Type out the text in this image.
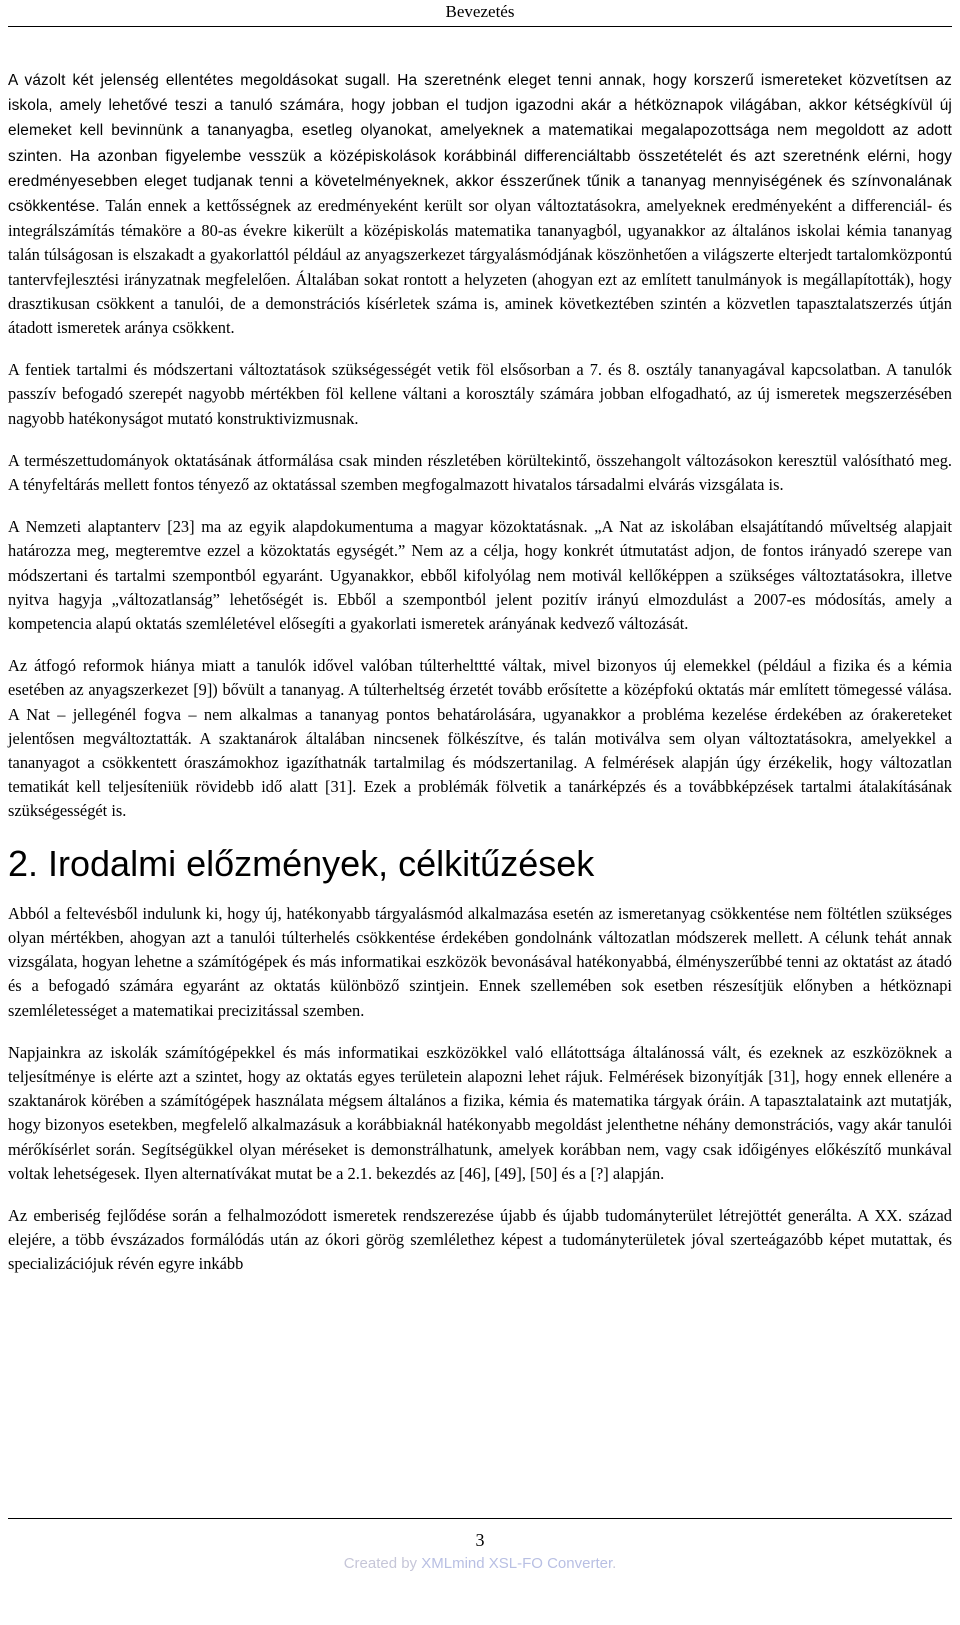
Bevezetés

A vázolt két jelenség ellentétes megoldásokat sugall. Ha szeretnénk eleget tenni annak, hogy korszerű ismereteket közvetítsen az iskola, amely lehetővé teszi a tanuló számára, hogy jobban el tudjon igazodni akár a hétköznapok világában, akkor kétségkívül új elemeket kell bevinnünk a tananyagba, esetleg olyanokat, amelyeknek a matematikai megalapozottsága nem megoldott az adott szinten. Ha azonban figyelembe vesszük a középiskolások korábbinál differenciáltabb összetételét és azt szeretnénk elérni, hogy eredményesebben eleget tudjanak tenni a követelményeknek, akkor ésszerűnek tűnik a tananyag mennyiségének és színvonalának csökkentése. Talán ennek a kettősségnek az eredményeként került sor olyan változtatásokra, amelyeknek eredményeként a differenciál- és integrálszámítás témaköre a 80-as évekre kikerült a középiskolás matematika tananyagból, ugyanakkor az általános iskolai kémia tananyag talán túlságosan is elszakadt a gyakorlattól például az anyagszerkezet tárgyalásmódjának köszönhetően a világszerte elterjedt tartalomközpontú tantervfejlesztési irányzatnak megfelelően. Általában sokat rontott a helyzeten (ahogyan ezt az említett tanulmányok is megállapították), hogy drasztikusan csökkent a tanulói, de a demonstrációs kísérletek száma is, aminek következtében szintén a közvetlen tapasztalatszerzés útján átadott ismeretek aránya csökkent.

A fentiek tartalmi és módszertani változtatások szükségességét vetik föl elsősorban a 7. és 8. osztály tananyagával kapcsolatban. A tanulók passzív befogadó szerepét nagyobb mértékben föl kellene váltani a korosztály számára jobban elfogadható, az új ismeretek megszerzésében nagyobb hatékonyságot mutató konstruktivizmusnak.

A természettudományok oktatásának átformálása csak minden részletében körültekintő, összehangolt változásokon keresztül valósítható meg. A tényfeltárás mellett fontos tényező az oktatással szemben megfogalmazott hivatalos társadalmi elvárás vizsgálata is.

A Nemzeti alaptanterv [23] ma az egyik alapdokumentuma a magyar közoktatásnak. „A Nat az iskolában elsajátítandó műveltség alapjait határozza meg, megteremtve ezzel a közoktatás egységét.” Nem az a célja, hogy konkrét útmutatást adjon, de fontos irányadó szerepe van módszertani és tartalmi szempontból egyaránt. Ugyanakkor, ebből kifolyólag nem motivál kellőképpen a szükséges változtatásokra, illetve nyitva hagyja „változatlanság” lehetőségét is. Ebből a szempontból jelent pozitív irányú elmozdulást a 2007-es módosítás, amely a kompetencia alapú oktatás szemléletével elősegíti a gyakorlati ismeretek arányának kedvező változását.

Az átfogó reformok hiánya miatt a tanulók idővel valóban túlterhelttté váltak, mivel bizonyos új elemekkel (például a fizika és a kémia esetében az anyagszerkezet [9]) bővült a tananyag. A túlterheltség érzetét tovább erősítette a középfokú oktatás már említett tömegessé válása. A Nat – jellegénél fogva – nem alkalmas a tananyag pontos behatárolására, ugyanakkor a probléma kezelése érdekében az órakereteket jelentősen megváltoztatták. A szaktanárok általában nincsenek fölkészítve, és talán motiválva sem olyan változtatásokra, amelyekkel a tananyagot a csökkentett óraszámokhoz igazíthatnák tartalmilag és módszertanilag. A felmérések alapján úgy érzékelik, hogy változatlan tematikát kell teljesíteniük rövidebb idő alatt [31]. Ezek a problémák fölvetik a tanárképzés és a továbbképzések tartalmi átalakításának szükségességét is.

2. Irodalmi előzmények, célkitűzések

Abból a feltevésből indulunk ki, hogy új, hatékonyabb tárgyalásmód alkalmazása esetén az ismeretanyag csökkentése nem föltétlen szükséges olyan mértékben, ahogyan azt a tanulói túlterhelés csökkentése érdekében gondolnánk változatlan módszerek mellett. A célunk tehát annak vizsgálata, hogyan lehetne a számítógépek és más informatikai eszközök bevonásával hatékonyabbá, élményszerűbbé tenni az oktatást az átadó és a befogadó számára egyaránt az oktatás különböző szintjein. Ennek szellemében sok esetben részesítjük előnyben a hétköznapi szemléletességet a matematikai precizitással szemben.

Napjainkra az iskolák számítógépekkel és más informatikai eszközökkel való ellátottsága általánossá vált, és ezeknek az eszközöknek a teljesítménye is elérte azt a szintet, hogy az oktatás egyes területein alapozni lehet rájuk. Felmérések bizonyítják [31], hogy ennek ellenére a szaktanárok körében a számítógépek használata mégsem általános a fizika, kémia és matematika tárgyak óráin. A tapasztalataink azt mutatják, hogy bizonyos esetekben, megfelelő alkalmazásuk a korábbiaknál hatékonyabb megoldást jelenthetne néhány demonstrációs, vagy akár tanulói mérőkísérlet során. Segítségükkel olyan méréseket is demonstrálhatunk, amelyek korábban nem, vagy csak időigényes előkészítő munkával voltak lehetségesek. Ilyen alternatívákat mutat be a 2.1. bekezdés az [46], [49], [50] és a [?] alapján.

Az emberiség fejlődése során a felhalmozódott ismeretek rendszerezése újabb és újabb tudományterület létrejöttét generálta. A XX. század elejére, a több évszázados formálódás után az ókori görög szemlélethez képest a tudományterületek jóval szerteágazóbb képet mutattak, és specializációjuk révén egyre inkább

3
Created by XMLmind XSL-FO Converter.
